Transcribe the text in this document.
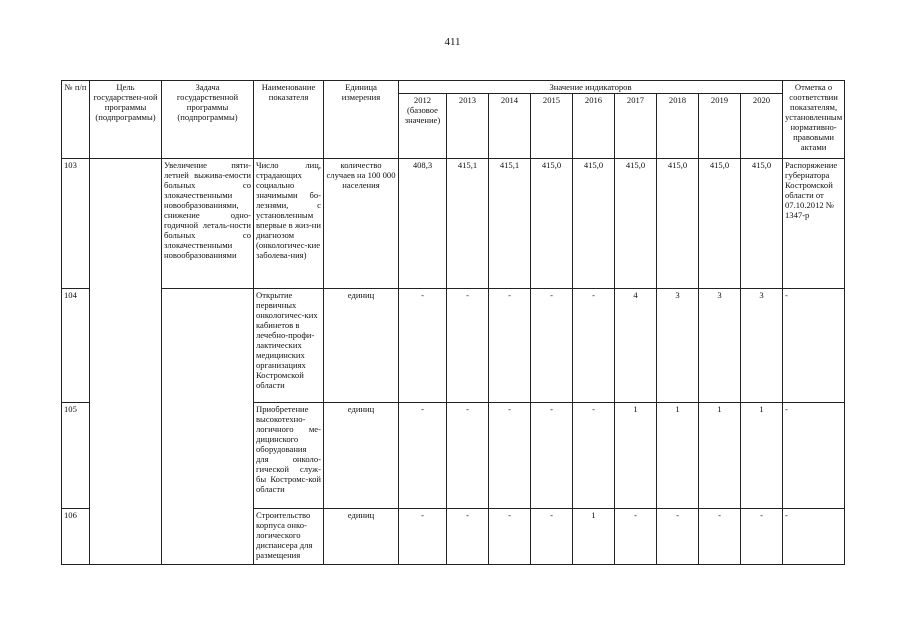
411
№ п/п	Цель государствен-ной программы (подпрограммы)	Задача государственной программы (подпрограммы)	Наименование показателя	Единица измерения	Значение индикаторов									Отметка о соответствии показателям, установленным нормативно-правовыми актами
					2012 (базовое значение)	2013	2014	2015	2016	2017	2018	2019	2020	
103		Увеличение пяти-летней выжива-емости больных со злокачественными новообразованиями, снижение одно-годичной леталь-ности больных со злокачественными новообразованиями	Число лиц, страдающих социально значимыми бо-лезнями, с установленным впервые в жиз-ни диагнозом (онкологичес-кие заболева-ния)	количество случаев на 100 000 населения	408,3	415,1	415,1	415,0	415,0	415,0	415,0	415,0	415,0	Распоряжение губернатора Костромской области от 07.10.2012 № 1347-р
104			Открытие первичных онкологичес-ких кабинетов в лечебно-профи-лактических медицинских организациях Костромской области	единиц	-	-	-	-	-	4	3	3	3	-
105			Приобретение высокотехно-логичного ме-дицинского оборудования для онколо-гической служ-бы Костромс-кой области	единиц	-	-	-	-	-	1	1	1	1	-
106			Строительство корпуса онко-логического диспансера для размещения	единиц	-	-	-	-	1	-	-	-	-	-
